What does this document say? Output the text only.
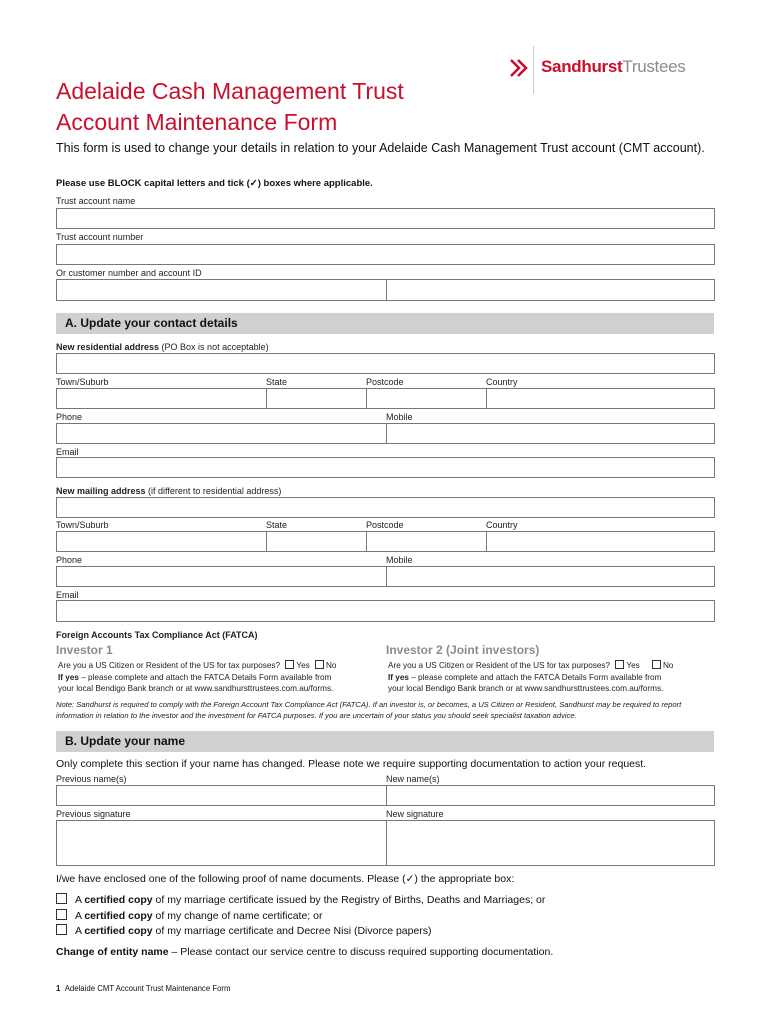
SandhurstTrustees
Adelaide Cash Management Trust
Account Maintenance Form
This form is used to change your details in relation to your Adelaide Cash Management Trust account (CMT account).
Please use BLOCK capital letters and tick (✓) boxes where applicable.
Trust account name
Trust account number
Or customer number and account ID
A. Update your contact details
New residential address (PO Box is not acceptable)
Town/Suburb	State	Postcode	Country
Phone	Mobile
Email
New mailing address (if different to residential address)
Town/Suburb	State	Postcode	Country
Phone	Mobile
Email
Foreign Accounts Tax Compliance Act (FATCA)
Investor 1	Investor 2 (Joint investors)
Are you a US Citizen or Resident of the US for tax purposes? Yes No
If yes – please complete and attach the FATCA Details Form available from
your local Bendigo Bank branch or at www.sandhursttrustees.com.au/forms.
Are you a US Citizen or Resident of the US for tax purposes? Yes	No
If yes – please complete and attach the FATCA Details Form available from
your local Bendigo Bank branch or at www.sandhursttrustees.com.au/forms.
Note: Sandhurst is required to comply with the Foreign Account Tax Compliance Act (FATCA). If an investor is, or becomes, a US Citizen or Resident, Sandhurst may be required to report information in relation to the investor and the investment for FATCA purposes. If you are uncertain of your status you should seek specialist taxation advice.
B. Update your name
Only complete this section if your name has changed. Please note we require supporting documentation to action your request.
Previous name(s)	New name(s)
Previous signature	New signature
I/we have enclosed one of the following proof of name documents. Please (✓) the appropriate box:
A certified copy of my marriage certificate issued by the Registry of Births, Deaths and Marriages; or
A certified copy of my change of name certificate; or
A certified copy of my marriage certificate and Decree Nisi (Divorce papers)
Change of entity name – Please contact our service centre to discuss required supporting documentation.
1 Adelaide CMT Account Trust Maintenance Form
